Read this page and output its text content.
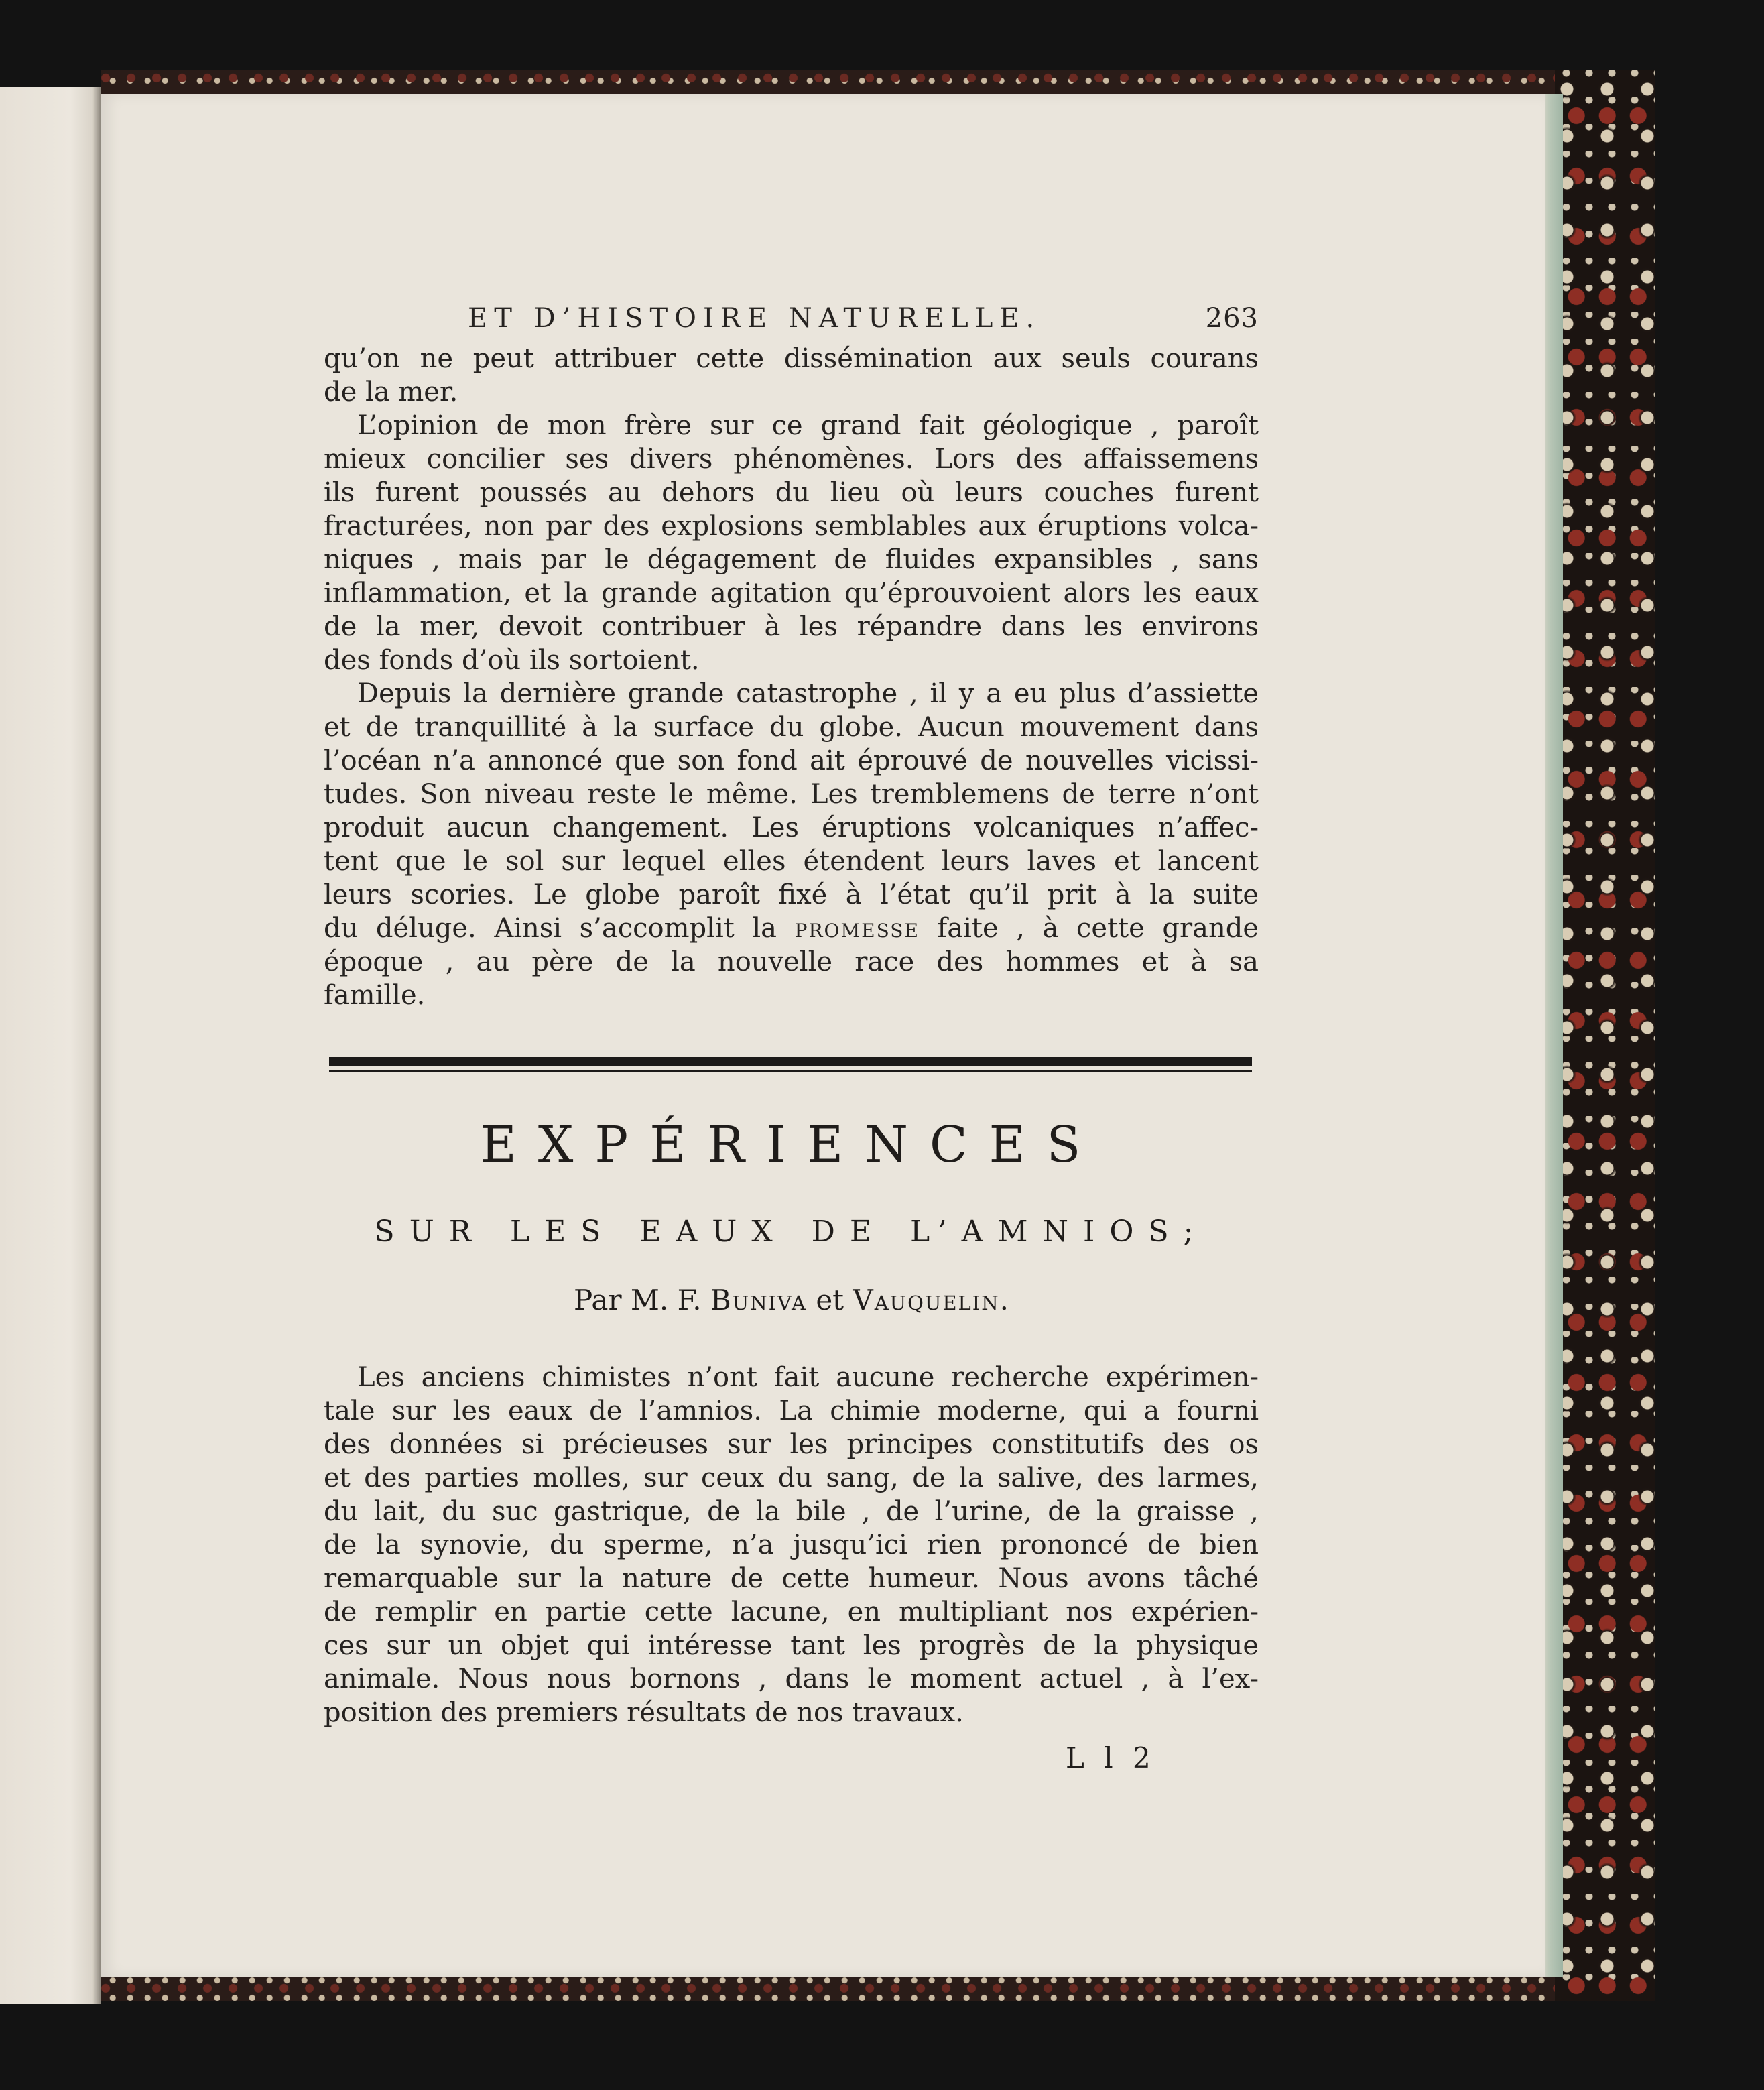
ET D’HISTOIRE NATURELLE.	263
qu’on ne peut attribuer cette dissémination aux seuls courans
de la mer.
L’opinion de mon frère sur ce grand fait géologique , paroît
mieux concilier ses divers phénomènes. Lors des affaissemens
ils furent poussés au dehors du lieu où leurs couches furent
fracturées, non par des explosions semblables aux éruptions volca-
niques , mais par le dégagement de fluides expansibles , sans
inflammation, et la grande agitation qu’éprouvoient alors les eaux
de la mer, devoit contribuer à les répandre dans les environs
des fonds d’où ils sortoient.
Depuis la dernière grande catastrophe , il y a eu plus d’assiette
et de tranquillité à la surface du globe. Aucun mouvement dans
l’océan n’a annoncé que son fond ait éprouvé de nouvelles vicissi-
tudes. Son niveau reste le même. Les tremblemens de terre n’ont
produit aucun changement. Les éruptions volcaniques n’affec-
tent que le sol sur lequel elles étendent leurs laves et lancent
leurs scories. Le globe paroît fixé à l’état qu’il prit à la suite
du déluge. Ainsi s’accomplit la promesse faite , à cette grande
époque , au père de la nouvelle race des hommes et à sa
famille.
EXPÉRIENCES
SUR LES EAUX DE L’AMNIOS;
Par M. F. Buniva et Vauquelin.
Les anciens chimistes n’ont fait aucune recherche expérimen-
tale sur les eaux de l’amnios. La chimie moderne, qui a fourni
des données si précieuses sur les principes constitutifs des os
et des parties molles, sur ceux du sang, de la salive, des larmes,
du lait, du suc gastrique, de la bile , de l’urine, de la graisse ,
de la synovie, du sperme, n’a jusqu’ici rien prononcé de bien
remarquable sur la nature de cette humeur. Nous avons tâché
de remplir en partie cette lacune, en multipliant nos expérien-
ces sur un objet qui intéresse tant les progrès de la physique
animale. Nous nous bornons , dans le moment actuel , à l’ex-
position des premiers résultats de nos travaux.
L l 2
